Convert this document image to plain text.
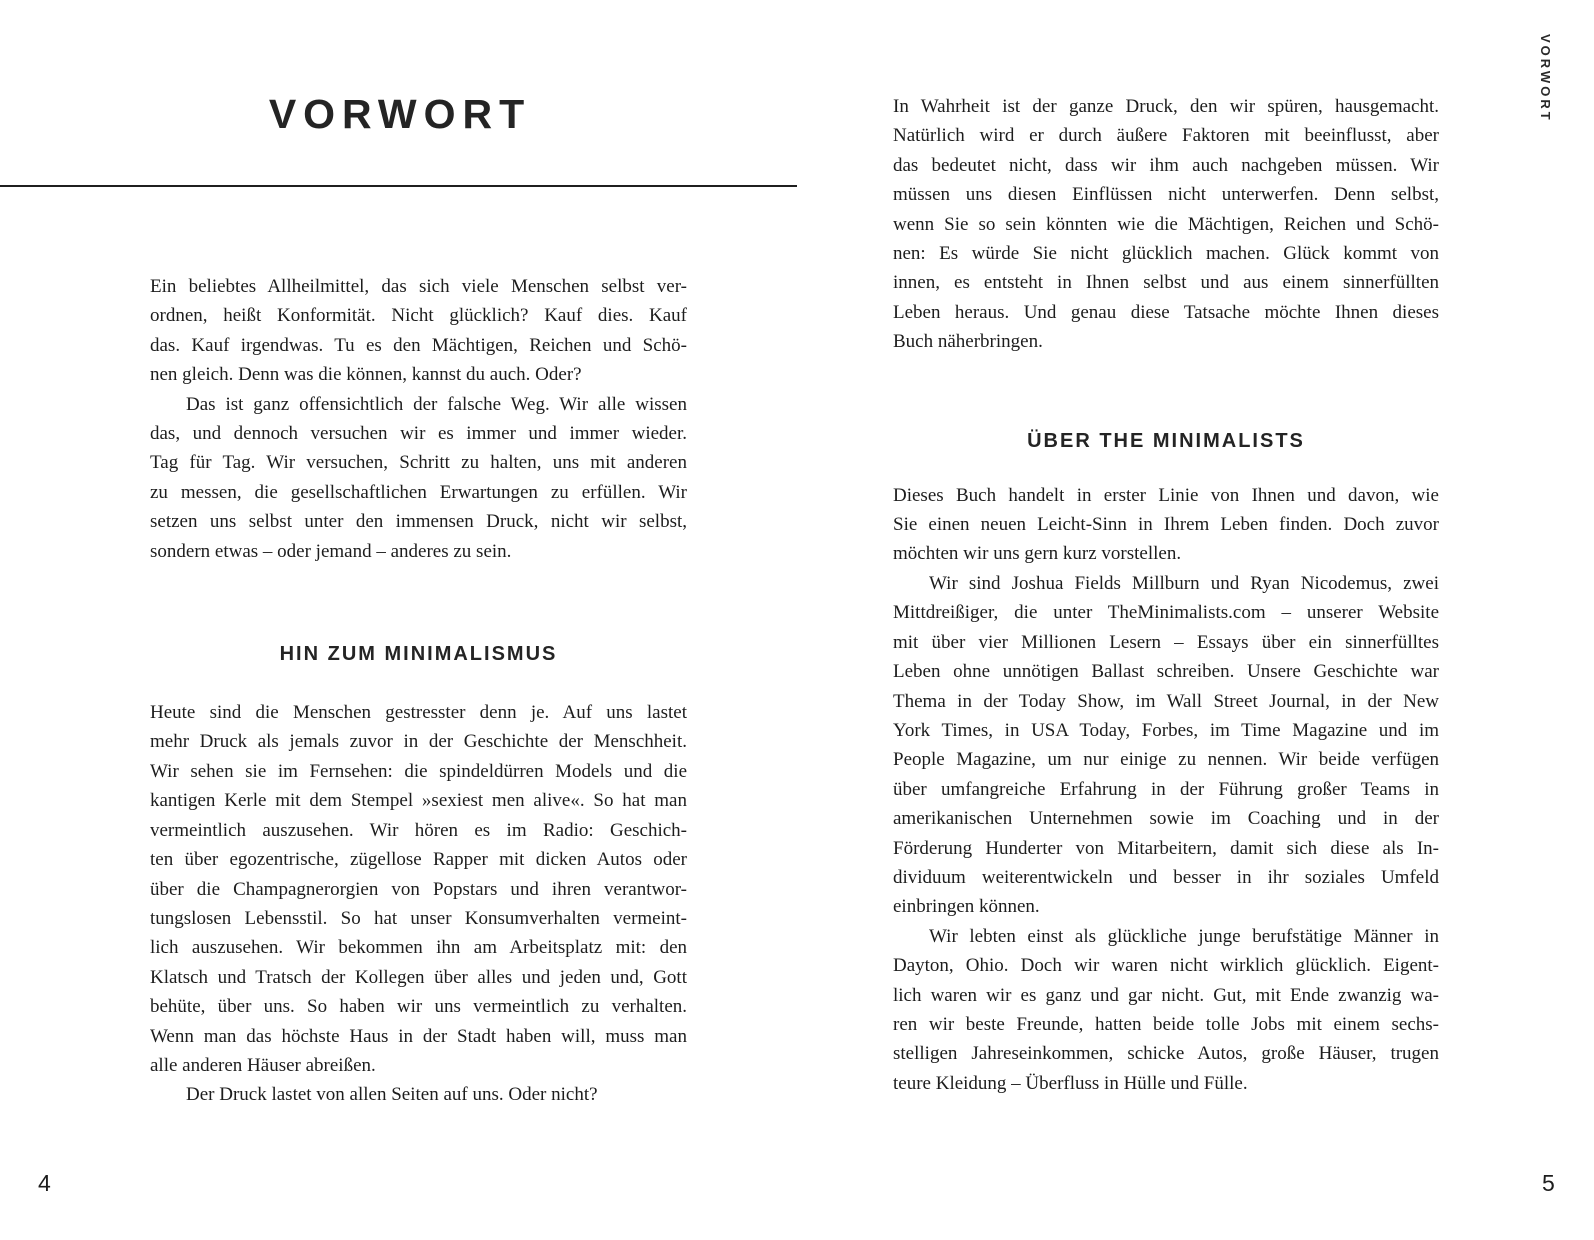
VORWORT

Ein beliebtes Allheilmittel, das sich viele Menschen selbst ver-
ordnen, heißt Konformität. Nicht glücklich? Kauf dies. Kauf
das. Kauf irgendwas. Tu es den Mächtigen, Reichen und Schö-
nen gleich. Denn was die können, kannst du auch. Oder?

Das ist ganz offensichtlich der falsche Weg. Wir alle wissen
das, und dennoch versuchen wir es immer und immer wieder.
Tag für Tag. Wir versuchen, Schritt zu halten, uns mit anderen
zu messen, die gesellschaftlichen Erwartungen zu erfüllen. Wir
setzen uns selbst unter den immensen Druck, nicht wir selbst,
sondern etwas – oder jemand – anderes zu sein.

HIN ZUM MINIMALISMUS

Heute sind die Menschen gestresster denn je. Auf uns lastet
mehr Druck als jemals zuvor in der Geschichte der Menschheit.
Wir sehen sie im Fernsehen: die spindeldürren Models und die
kantigen Kerle mit dem Stempel »sexiest men alive«. So hat man
vermeintlich auszusehen. Wir hören es im Radio: Geschich-
ten über egozentrische, zügellose Rapper mit dicken Autos oder
über die Champagnerorgien von Popstars und ihren verantwor-
tungslosen Lebensstil. So hat unser Konsumverhalten vermeint-
lich auszusehen. Wir bekommen ihn am Arbeitsplatz mit: den
Klatsch und Tratsch der Kollegen über alles und jeden und, Gott
behüte, über uns. So haben wir uns vermeintlich zu verhalten.
Wenn man das höchste Haus in der Stadt haben will, muss man
alle anderen Häuser abreißen.

Der Druck lastet von allen Seiten auf uns. Oder nicht?

4
VORWORT

In Wahrheit ist der ganze Druck, den wir spüren, hausgemacht.
Natürlich wird er durch äußere Faktoren mit beeinflusst, aber
das bedeutet nicht, dass wir ihm auch nachgeben müssen. Wir
müssen uns diesen Einflüssen nicht unterwerfen. Denn selbst,
wenn Sie so sein könnten wie die Mächtigen, Reichen und Schö-
nen: Es würde Sie nicht glücklich machen. Glück kommt von
innen, es entsteht in Ihnen selbst und aus einem sinnerfüllten
Leben heraus. Und genau diese Tatsache möchte Ihnen dieses
Buch näherbringen.

ÜBER THE MINIMALISTS

Dieses Buch handelt in erster Linie von Ihnen und davon, wie
Sie einen neuen Leicht-Sinn in Ihrem Leben finden. Doch zuvor
möchten wir uns gern kurz vorstellen.

Wir sind Joshua Fields Millburn und Ryan Nicodemus, zwei
Mittdreißiger, die unter TheMinimalists.com – unserer Website
mit über vier Millionen Lesern – Essays über ein sinnerfülltes
Leben ohne unnötigen Ballast schreiben. Unsere Geschichte war
Thema in der Today Show, im Wall Street Journal, in der New
York Times, in USA Today, Forbes, im Time Magazine und im
People Magazine, um nur einige zu nennen. Wir beide verfügen
über umfangreiche Erfahrung in der Führung großer Teams in
amerikanischen Unternehmen sowie im Coaching und in der
Förderung Hunderter von Mitarbeitern, damit sich diese als In-
dividuum weiterentwickeln und besser in ihr soziales Umfeld
einbringen können.

Wir lebten einst als glückliche junge berufstätige Männer in
Dayton, Ohio. Doch wir waren nicht wirklich glücklich. Eigent-
lich waren wir es ganz und gar nicht. Gut, mit Ende zwanzig wa-
ren wir beste Freunde, hatten beide tolle Jobs mit einem sechs-
stelligen Jahreseinkommen, schicke Autos, große Häuser, trugen
teure Kleidung – Überfluss in Hülle und Fülle.

5
